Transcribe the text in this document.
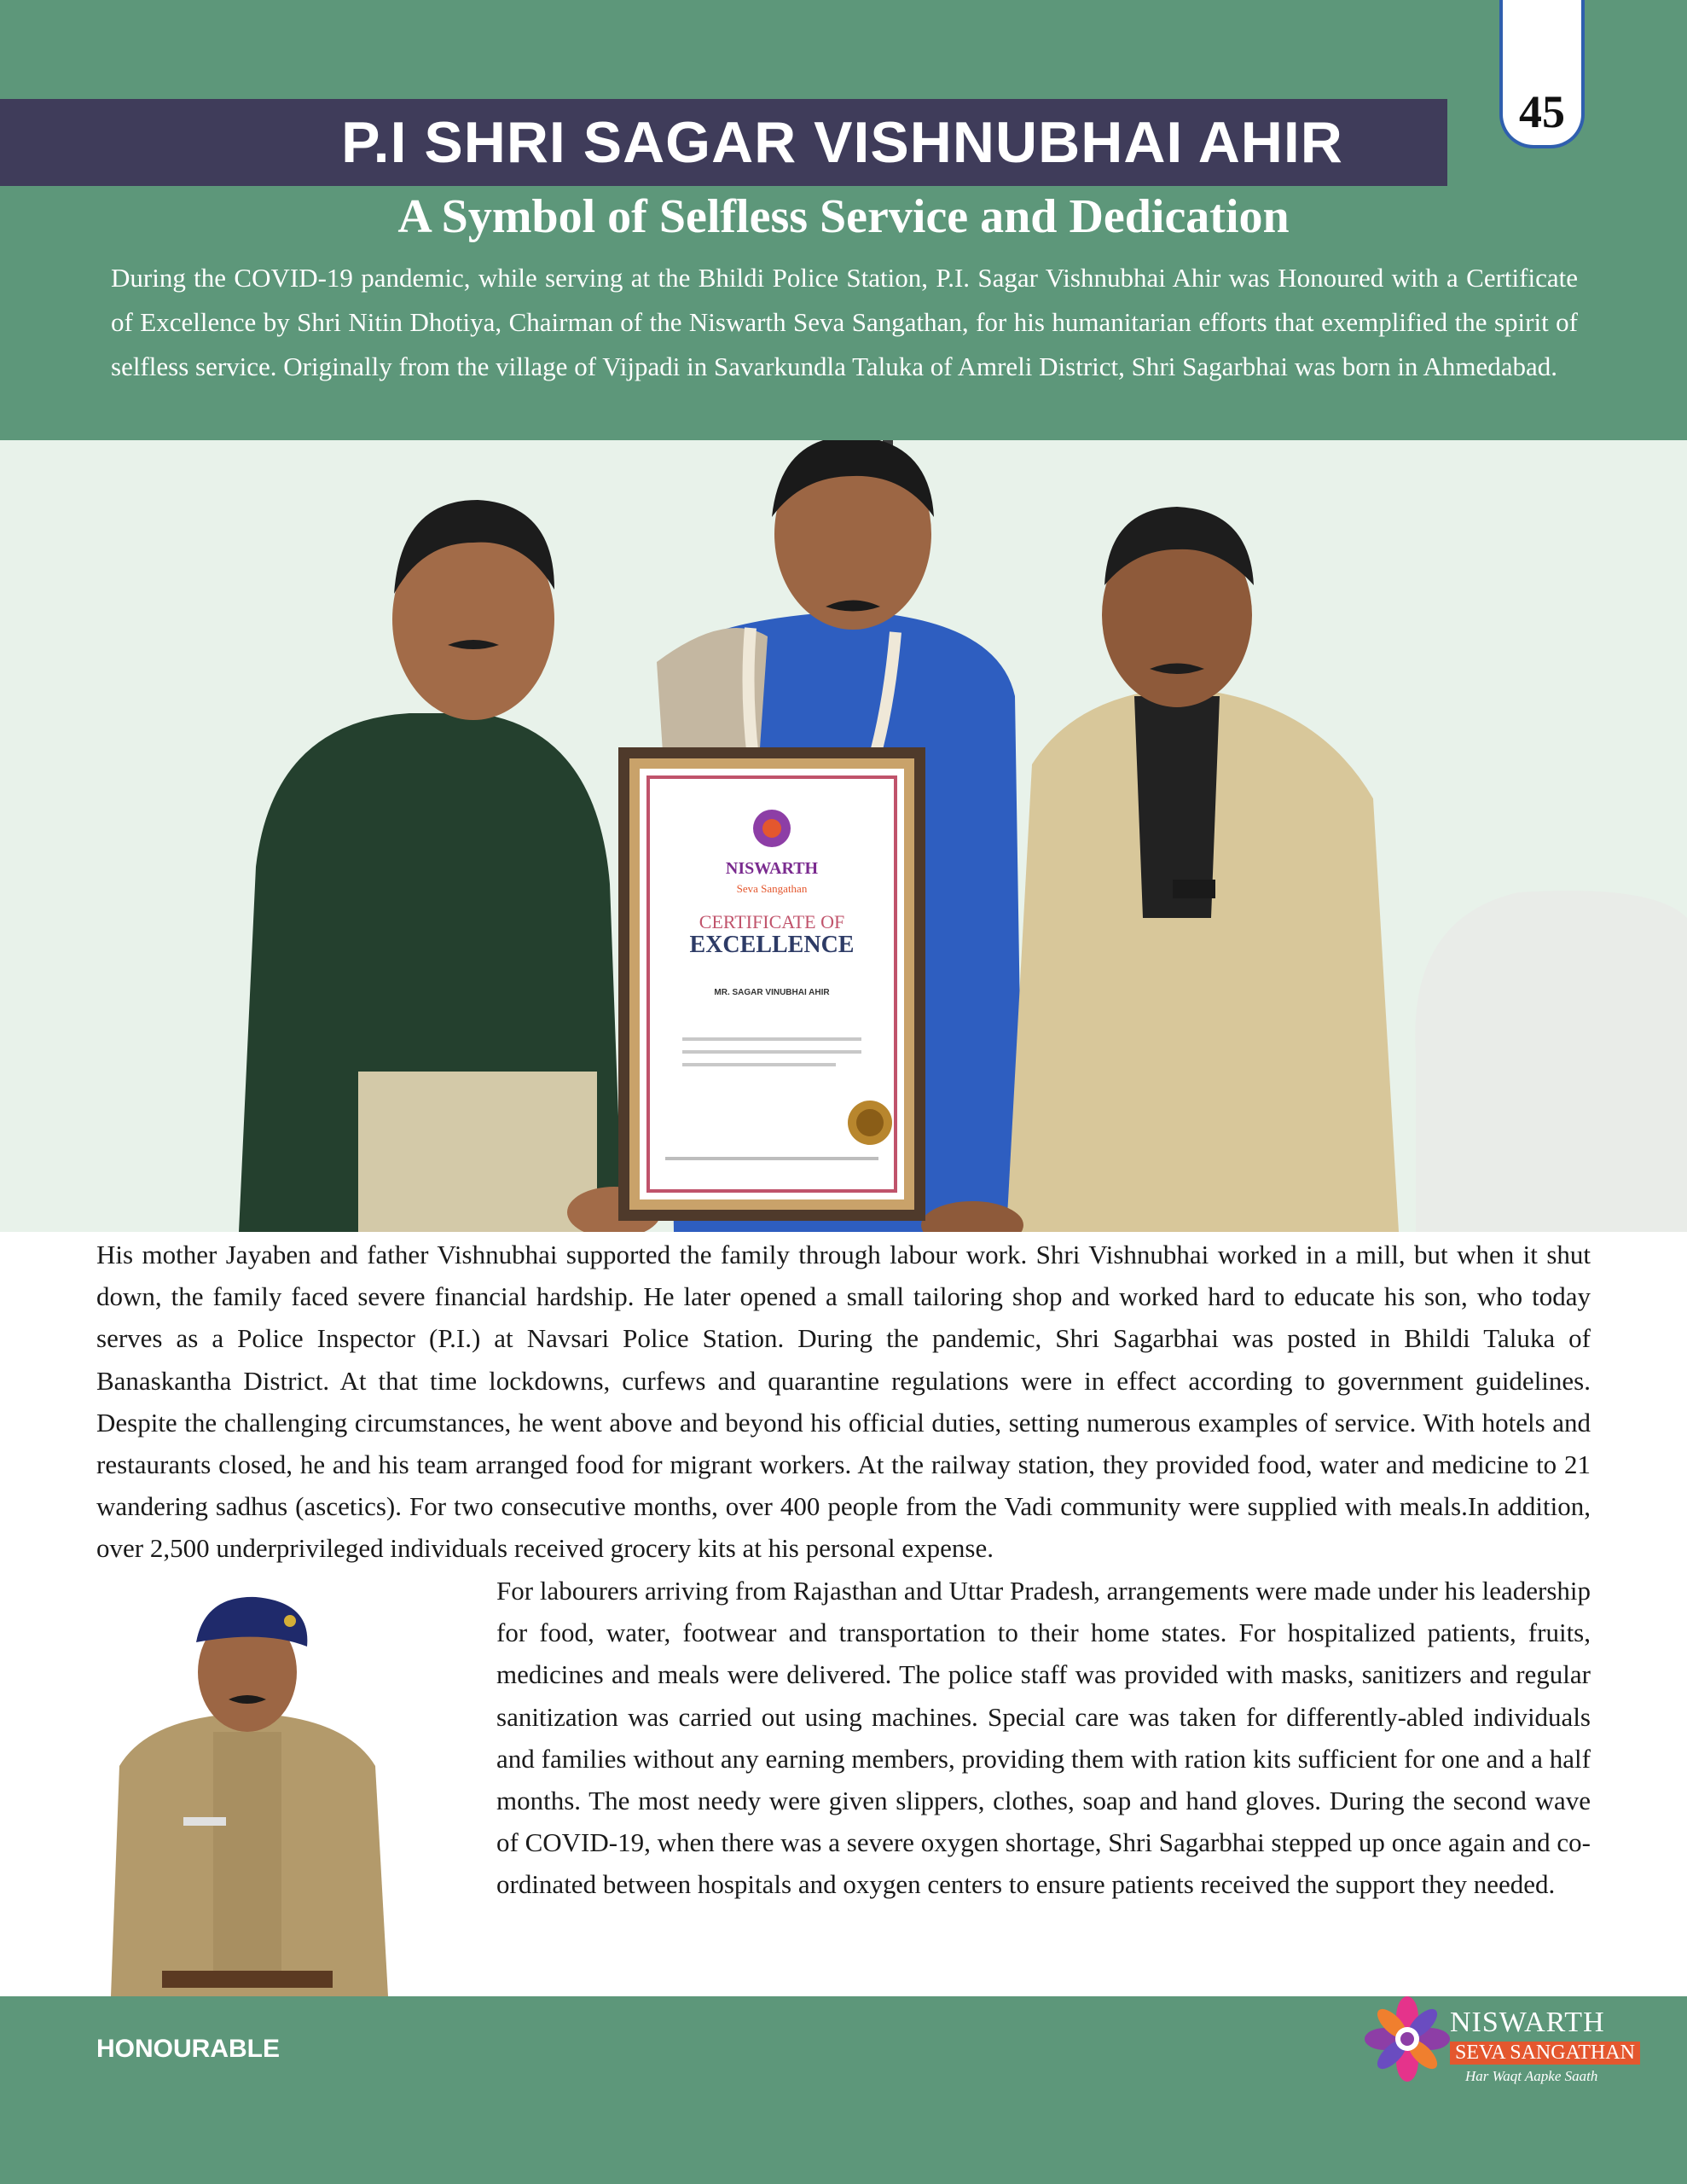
P.I SHRI SAGAR VISHNUBHAI AHIR	45
A Symbol of Selfless Service and Dedication
During the COVID-19 pandemic, while serving at the Bhildi Police Station, P.I. Sagar Vishnubhai Ahir was Honoured with a Certificate of Excellence by Shri Nitin Dhotiya, Chairman of the Niswarth Seva Sangathan, for his humanitarian efforts that exemplified the spirit of selfless service. Originally from the village of Vijpadi in Savarkundla Taluka of Amreli District, Shri Sagarbhai was born in Ahmedabad.
NISWARTH
Seva Sangathan
CERTIFICATE OF
EXCELLENCE
MR. SAGAR VINUBHAI AHIR
His mother Jayaben and father Vishnubhai supported the family through labour work. Shri Vishnubhai worked in a mill, but when it shut down, the family faced severe financial hardship. He later opened a small tailoring shop and worked hard to educate his son, who today serves as a Police Inspector (P.I.) at Navsari Police Station. During the pandemic, Shri Sagarbhai was posted in Bhildi Taluka of Banaskantha District. At that time lockdowns, curfews and quarantine regulations were in effect according to government guidelines. Despite the challenging circumstances, he went above and beyond his official duties, setting numerous examples of service. With hotels and restaurants closed, he and his team arranged food for migrant workers. At the railway station, they provided food, water and medicine to 21 wandering sadhus (ascetics). For two consecutive months, over 400 people from the Vadi community were supplied with meals.In addition, over 2,500 underprivileged individuals received grocery kits at his personal expense.
For labourers arriving from Rajasthan and Uttar Pradesh, arrangements were made under his leadership for food, water, footwear and transportation to their home states. For hospitalized patients, fruits, medicines and meals were delivered. The police staff was provided with masks, sanitizers and regular sanitization was carried out using machines. Special care was taken for differently-abled individuals and families without any earning members, providing them with ration kits sufficient for one and a half months. The most needy were given slippers, clothes, soap and hand gloves. During the second wave of COVID-19, when there was a severe oxygen shortage, Shri Sagarbhai stepped up once again and co-ordinated between hospitals and oxygen centers to ensure patients received the support they needed.
HONOURABLE
NISWARTH
SEVA SANGATHAN
Har Waqt Aapke Saath
